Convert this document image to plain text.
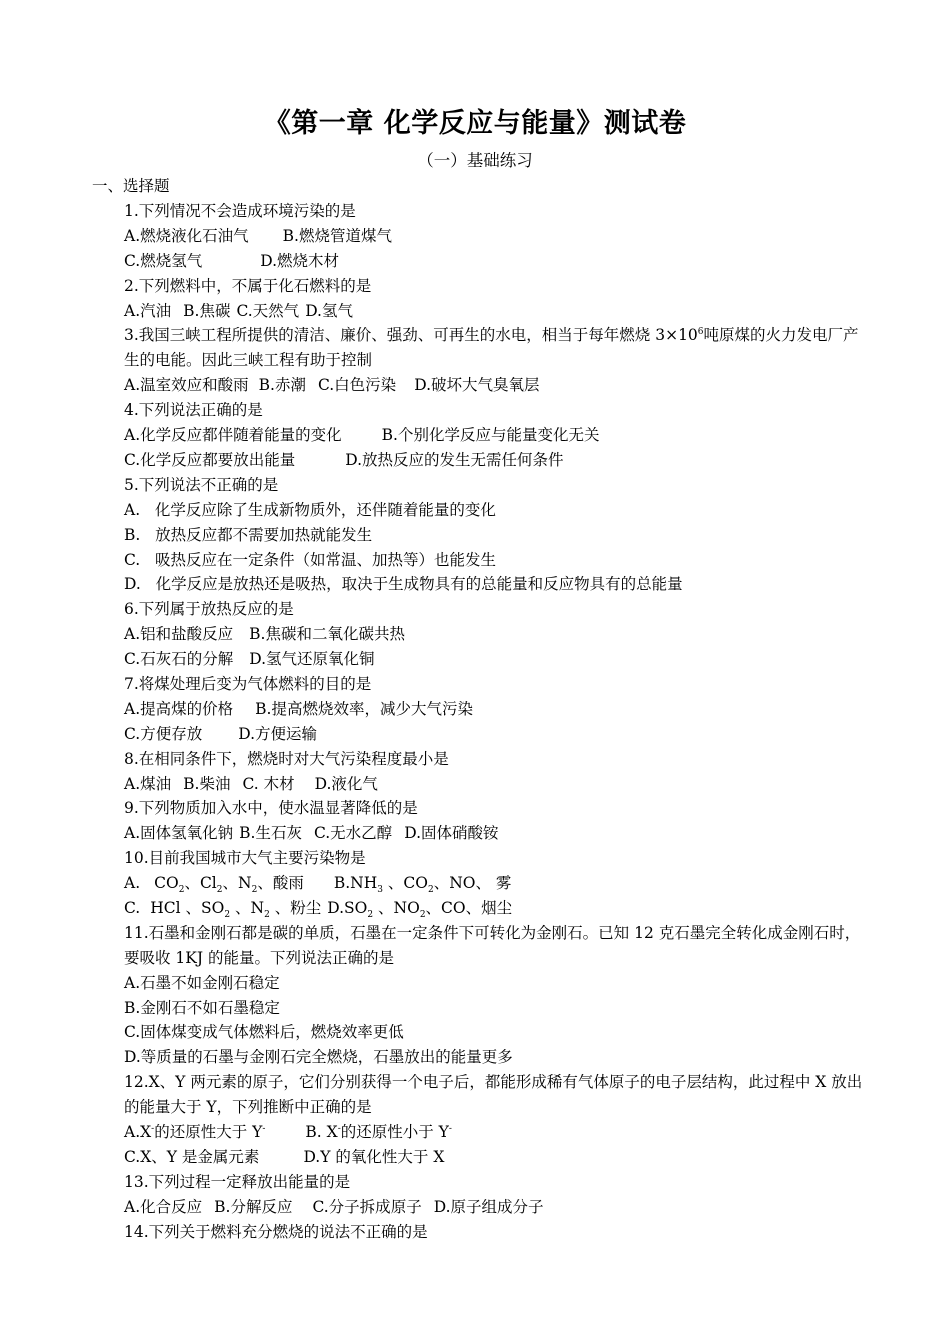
《第一章 化学反应与能量》测试卷
（一）基础练习
一、选择题
1.下列情况不会造成环境污染的是
A.燃烧液化石油气 B.燃烧管道煤气
C.燃烧氢气	D.燃烧木材
2.下列燃料中，不属于化石燃料的是
A.汽油 B.焦碳 C.天然气 D.氢气
3.我国三峡工程所提供的清洁、廉价、强劲、可再生的水电，相当于每年燃烧 $3\times 10^6$吨原煤的火力发电厂产生的电能。因此三峡工程有助于控制
A.温室效应和酸雨 B.赤潮 C.白色污染 D.破坏大气臭氧层
4.下列说法正确的是
A.化学反应都伴随着能量的变化	B.个别化学反应与能量变化无关
C.化学反应都要放出能量	D.放热反应的发生无需任何条件
5.下列说法不正确的是
A.   化学反应除了生成新物质外，还伴随着能量的变化
B.   放热反应都不需要加热就能发生
C.   吸热反应在一定条件（如常温、加热等）也能发生
D.   化学反应是放热还是吸热，取决于生成物具有的总能量和反应物具有的总能量
6.下列属于放热反应的是
A.铝和盐酸反应 B.焦碳和二氧化碳共热
C.石灰石的分解 D.氢气还原氧化铜
7.将煤处理后变为气体燃料的目的是
A.提高煤的价格 B.提高燃烧效率，减少大气污染
C.方便存放 D.方便运输
8.在相同条件下，燃烧时对大气污染程度最小是
A.煤油 B.柴油 C. 木材 D.液化气
9.下列物质加入水中，使水温显著降低的是
A.固体氢氧化钠 B.生石灰 C.无水乙醇 D.固体硝酸铵
10.目前我国城市大气主要污染物是
A. $CO_2$、$Cl_2$、$N_2$、酸雨 $B.NH_3$ 、$CO_2$、NO、 雾
C. HCl 、$SO_2$ 、$N_2$ 、粉尘 $D.SO_2$ 、$NO_2$、CO、烟尘
11.石墨和金刚石都是碳的单质，石墨在一定条件下可转化为金刚石。已知 12 克石墨完全转化成金刚石时，要吸收 1KJ 的能量。下列说法正确的是
A.石墨不如金刚石稳定
B.金刚石不如石墨稳定
C.固体煤变成气体燃料后，燃烧效率更低
D.等质量的石墨与金刚石完全燃烧，石墨放出的能量更多
12.X、Y 两元素的原子，它们分别获得一个电子后，都能形成稀有气体原子的电子层结构，此过程中 X 放出的能量大于 Y，下列推断中正确的是
A.X-的还原性大于 Y-	B. X-的还原性小于 Y-
C.X、Y 是金属元素	D.Y 的氧化性大于 X
13.下列过程一定释放出能量的是
A.化合反应 B.分解反应 C.分子拆成原子 D.原子组成分子
14.下列关于燃料充分燃烧的说法不正确的是
